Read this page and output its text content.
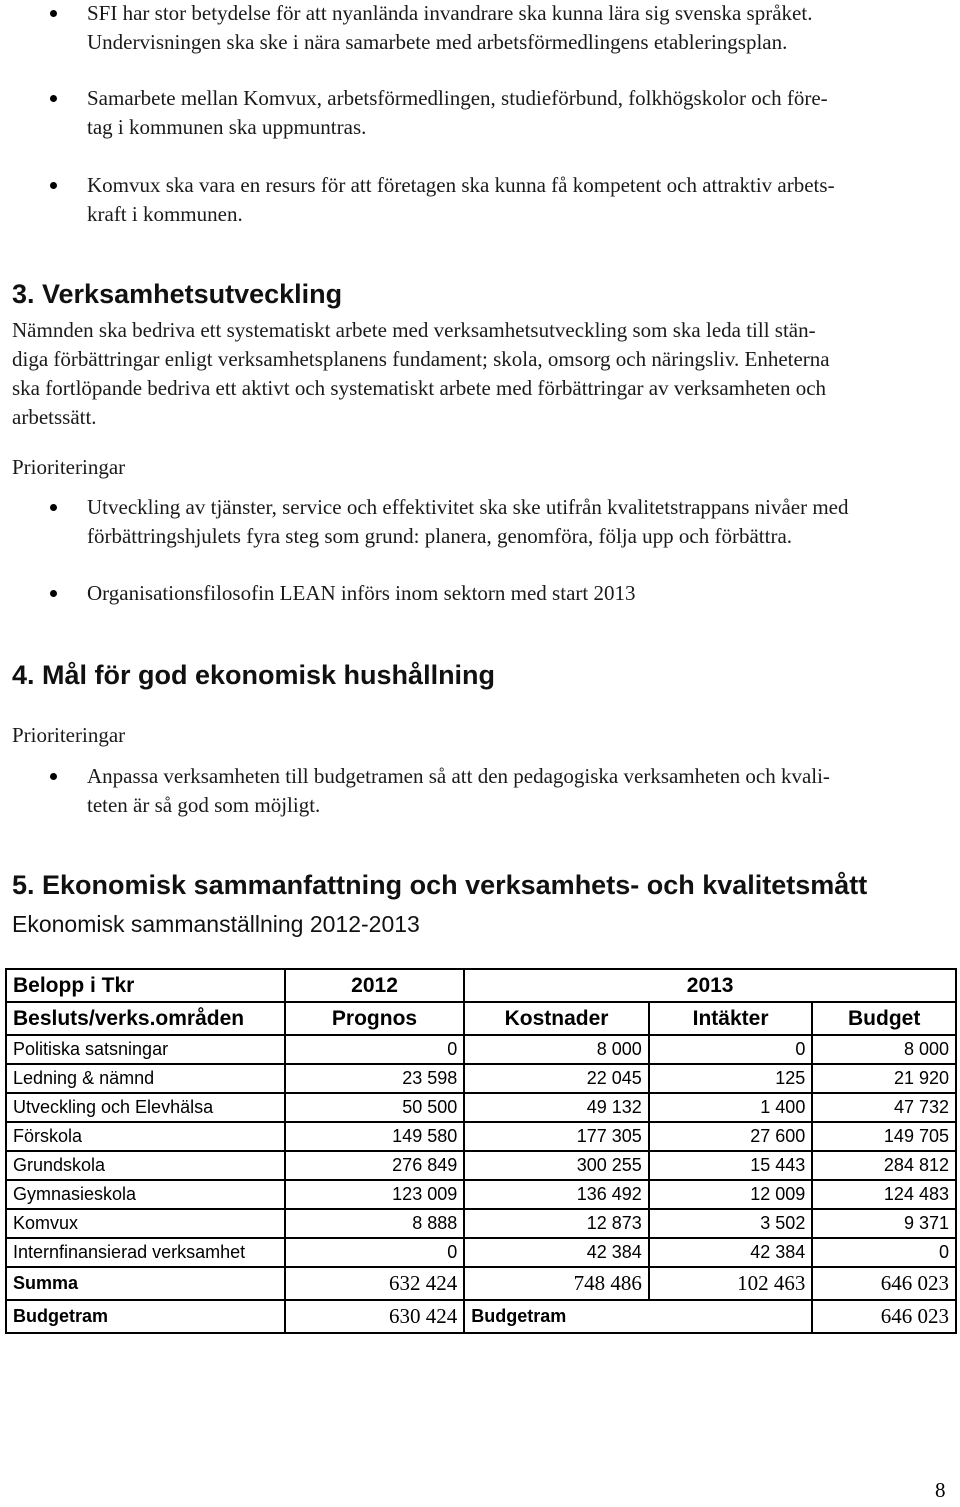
SFI har stor betydelse för att nyanlända invandrare ska kunna lära sig svenska språket.
Undervisningen ska ske i nära samarbete med arbetsförmedlingens etableringsplan.
Samarbete mellan Komvux, arbetsförmedlingen, studieförbund, folkhögskolor och före-
tag i kommunen ska uppmuntras.
Komvux ska vara en resurs för att företagen ska kunna få kompetent och attraktiv arbets-
kraft i kommunen.
3. Verksamhetsutveckling
Nämnden ska bedriva ett systematiskt arbete med verksamhetsutveckling som ska leda till stän-
diga förbättringar enligt verksamhetsplanens fundament; skola, omsorg och näringsliv. Enheterna
ska fortlöpande bedriva ett aktivt och systematiskt arbete med förbättringar av verksamheten och
arbetssätt.
Prioriteringar
Utveckling av tjänster, service och effektivitet ska ske utifrån kvalitetstrappans nivåer med
förbättringshjulets fyra steg som grund: planera, genomföra, följa upp och förbättra.
Organisationsfilosofin LEAN införs inom sektorn med start 2013
4. Mål för god ekonomisk hushållning
Prioriteringar
Anpassa verksamheten till budgetramen så att den pedagogiska verksamheten och kvali-
teten är så god som möjligt.
5. Ekonomisk sammanfattning och verksamhets- och kvalitetsmått
Ekonomisk sammanställning 2012-2013
Belopp i Tkr	2012	2013		
Besluts/verks.områden	Prognos	Kostnader	Intäkter	Budget
Politiska satsningar	0	8 000	0	8 000
Ledning & nämnd	23 598	22 045	125	21 920
Utveckling och Elevhälsa	50 500	49 132	1 400	47 732
Förskola	149 580	177 305	27 600	149 705
Grundskola	276 849	300 255	15 443	284 812
Gymnasieskola	123 009	136 492	12 009	124 483
Komvux	8 888	12 873	3 502	9 371
Internfinansierad verksamhet	0	42 384	42 384	0
Summa	632 424	748 486	102 463	646 023
Budgetram	630 424	Budgetram		646 023
8
